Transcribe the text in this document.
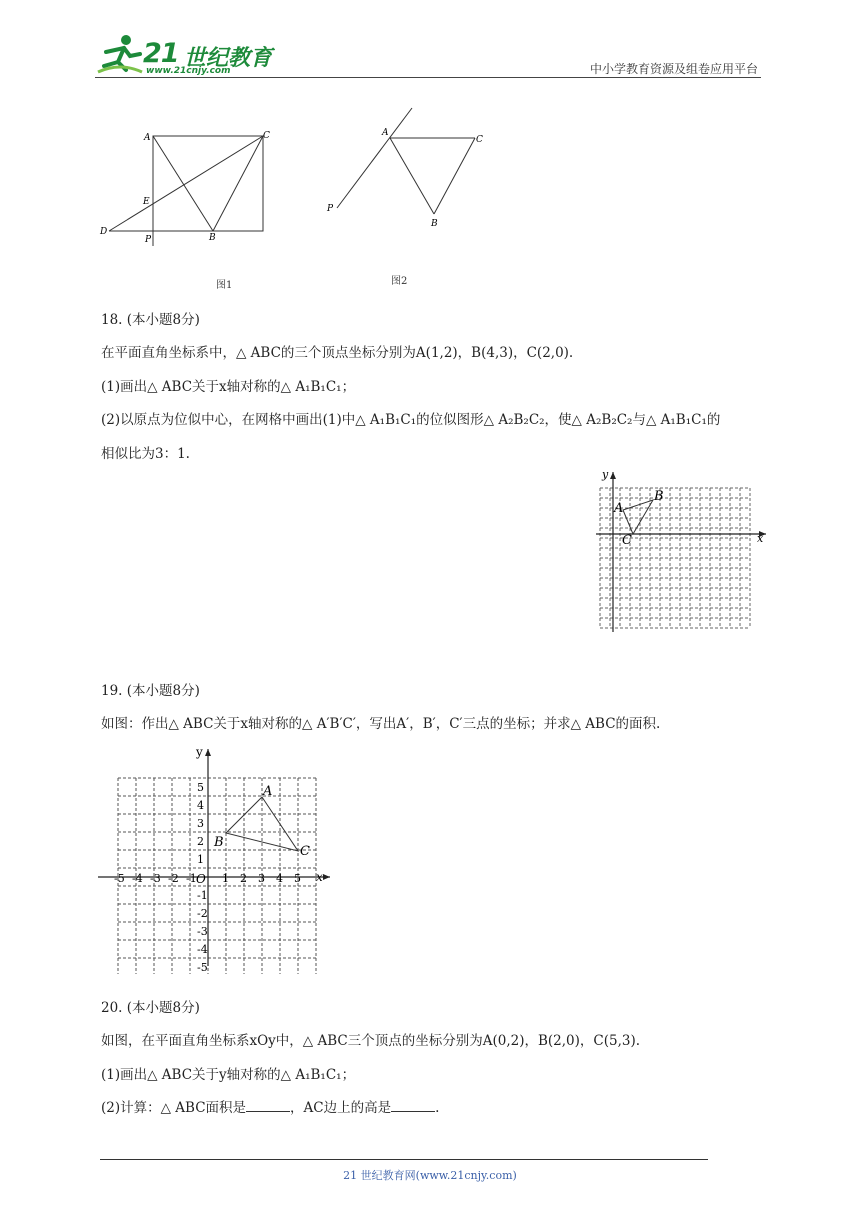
21 世纪教育
www.21cnjy.com	中小学教育资源及组卷应用平台
A	C
E
D
P	B
图1
A
C
P
B
图2
18. (本小题8分)
在平面直角坐标系中，△ ABC的三个顶点坐标分别为A(1,2)，B(4,3)，C(2,0).
(1)画出△ ABC关于x轴对称的△ A₁B₁C₁；
(2)以原点为位似中心，在网格中画出(1)中△ A₁B₁C₁的位似图形△ A₂B₂C₂，使△ A₂B₂C₂与△ A₁B₁C₁的
相似比为3：1.
y
x
A
B
C
19. (本小题8分)
如图：作出△ ABC关于x轴对称的△ A′B′C′，写出A′，B′，C′三点的坐标；并求△ ABC的面积.
-5 -4 -3 -2 -1 1 2 3 4 5
5
4
3
2
1
-1
-2
-3
-4
-5
y
x
O
A
B
C
20. (本小题8分)
如图，在平面直角坐标系xOy中，△ ABC三个顶点的坐标分别为A(0,2)，B(2,0)，C(5,3).
(1)画出△ ABC关于y轴对称的△ A₁B₁C₁；
(2)计算：△ ABC面积是	，AC边上的高是	.
21 世纪教育网(www.21cnjy.com)
